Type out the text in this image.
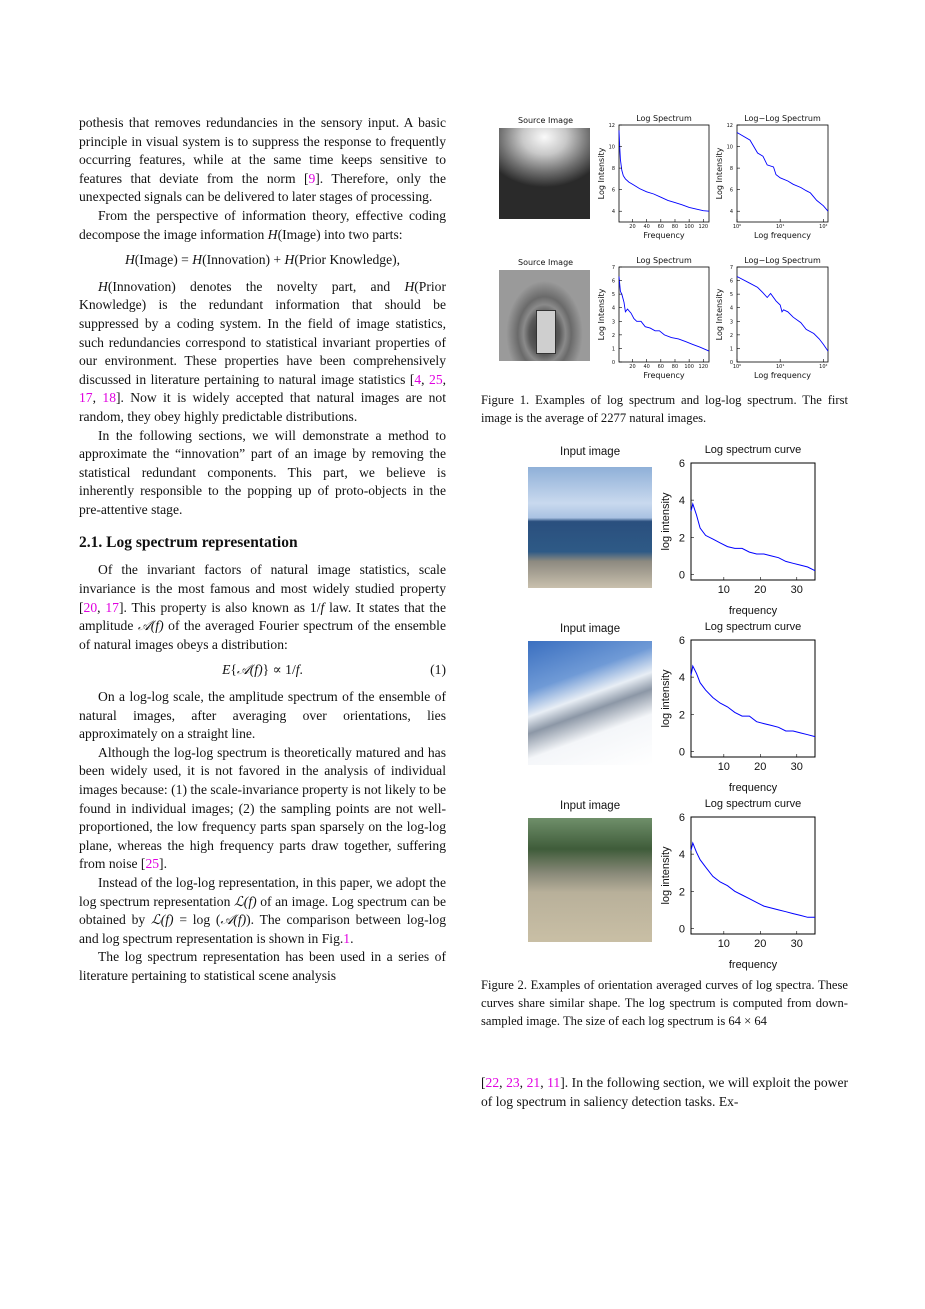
pothesis that removes redundancies in the sensory input. A basic principle in visual system is to suppress the response to frequently occurring features, while at the same time keeps sensitive to features that deviate from the norm [9]. Therefore, only the unexpected signals can be delivered to later stages of processing.

From the perspective of information theory, effective coding decompose the image information H(Image) into two parts:

H(Image) = H(Innovation) + H(Prior Knowledge),

H(Innovation) denotes the novelty part, and H(Prior Knowledge) is the redundant information that should be suppressed by a coding system. In the field of image statistics, such redundancies correspond to statistical invariant properties of our environment. These properties have been comprehensively discussed in literature pertaining to natural image statistics [4, 25, 17, 18]. Now it is widely accepted that natural images are not random, they obey highly predictable distributions.

In the following sections, we will demonstrate a method to approximate the “innovation” part of an image by removing the statistical redundant components. This part, we believe is inherently responsible to the popping up of proto-objects in the pre-attentive stage.

2.1. Log spectrum representation

Of the invariant factors of natural image statistics, scale invariance is the most famous and most widely studied property [20, 17]. This property is also known as 1/f law. It states that the amplitude 𝒜(f) of the averaged Fourier spectrum of the ensemble of natural images obeys a distribution:

E{𝒜(f)} ∝ 1/f.	(1)

On a log-log scale, the amplitude spectrum of the ensemble of natural images, after averaging over orientations, lies approximately on a straight line.

Although the log-log spectrum is theoretically matured and has been widely used, it is not favored in the analysis of individual images because: (1) the scale-invariance property is not likely to be found in individual images; (2) the sampling points are not well-proportioned, the low frequency parts span sparsely on the log-log plane, whereas the high frequency parts draw together, suffering from noise [25].

Instead of the log-log representation, in this paper, we adopt the log spectrum representation ℒ(f) of an image. Log spectrum can be obtained by ℒ(f) = log (𝒜(f)). The comparison between log-log and log spectrum representation is shown in Fig.1.

The log spectrum representation has been used in a series of literature pertaining to statistical scene analysis

[22, 23, 21, 11]. In the following section, we will exploit the power of log spectrum in saliency detection tasks. Ex-

Source Image
Source Image
Figure 1. Examples of log spectrum and log-log spectrum. The first image is the average of 2277 natural images.
Input image
Input image
Input image
Figure 2. Examples of orientation averaged curves of log spectra. These curves share similar shape. The log spectrum is computed from down-sampled image. The size of each log spectrum is 64 × 64
20 40 60 80 100 120
4
6
8
10
12
Log Spectrum
Frequency
Log Intensity
10⁰	10¹	10²
4
6
8
10
12
Log−Log Spectrum
Log frequency
Log Intensity
20 40 60 80 100 120
0
1
2
3
4
5
6
7
Log Spectrum
Frequency
Log Intensity
10⁰	10¹	10²
0
1
2
3
4
5
6
7
Log−Log Spectrum
Log frequency
Log Intensity
10 20 30
0
2
4
6
Log spectrum curve
frequency
log intensity
10 20 30
0
2
4
6
Log spectrum curve
frequency
log intensity
10 20 30
0
2
4
6
Log spectrum curve
frequency
log intensity
